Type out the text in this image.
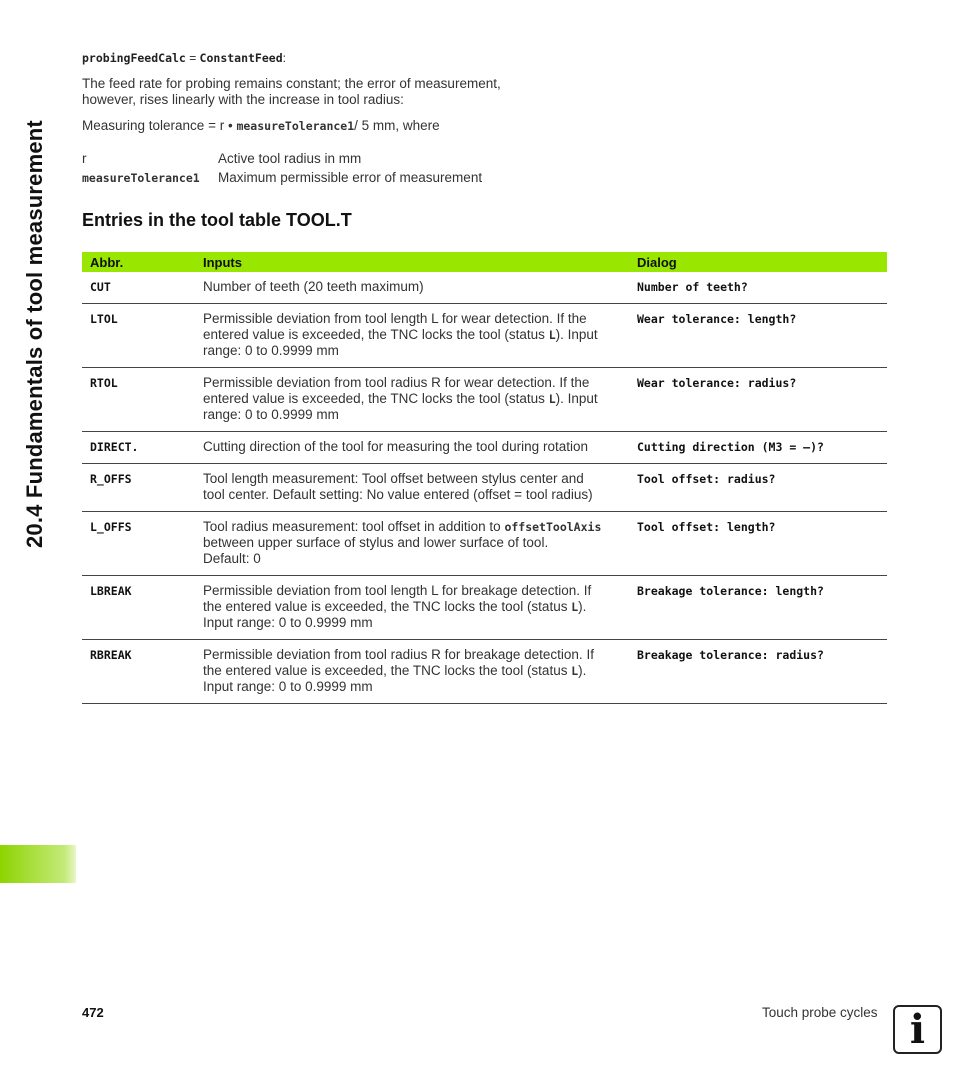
20.4 Fundamentals of tool measurement
probingFeedCalc = ConstantFeed:
The feed rate for probing remains constant; the error of measurement,
however, rises linearly with the increase in tool radius:
Measuring tolerance = r • measureTolerance1/ 5 mm, where
r	Active tool radius in mm
measureTolerance1	Maximum permissible error of measurement
Entries in the tool table TOOL.T
Abbr.	Inputs	Dialog
CUT	Number of teeth (20 teeth maximum)	Number of teeth?
LTOL	Permissible deviation from tool length L for wear detection. If the
entered value is exceeded, the TNC locks the tool (status L). Input
range: 0 to 0.9999 mm	Wear tolerance: length?
RTOL	Permissible deviation from tool radius R for wear detection. If the
entered value is exceeded, the TNC locks the tool (status L). Input
range: 0 to 0.9999 mm	Wear tolerance: radius?
DIRECT.	Cutting direction of the tool for measuring the tool during rotation	Cutting direction (M3 = –)?
R_OFFS	Tool length measurement: Tool offset between stylus center and
tool center. Default setting: No value entered (offset = tool radius)	Tool offset: radius?
L_OFFS	Tool radius measurement: tool offset in addition to offsetToolAxis
between upper surface of stylus and lower surface of tool.
Default: 0	Tool offset: length?
LBREAK	Permissible deviation from tool length L for breakage detection. If
the entered value is exceeded, the TNC locks the tool (status L).
Input range: 0 to 0.9999 mm	Breakage tolerance: length?
RBREAK	Permissible deviation from tool radius R for breakage detection. If
the entered value is exceeded, the TNC locks the tool (status L).
Input range: 0 to 0.9999 mm	Breakage tolerance: radius?
472	Touch probe cycles i
